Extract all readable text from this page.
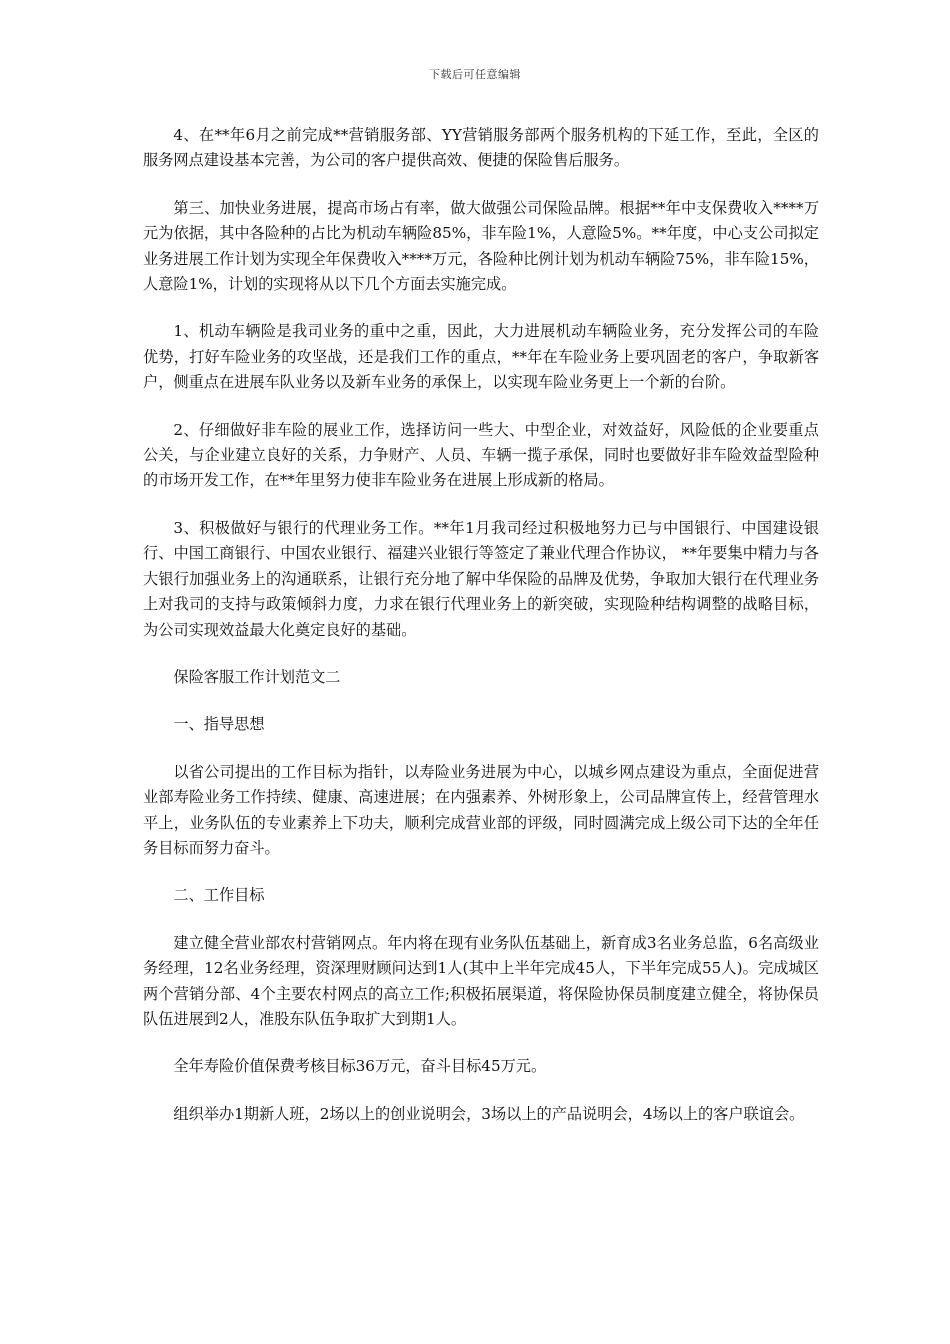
下载后可任意编辑

4、在**年6月之前完成**营销服务部、YY营销服务部两个服务机构的下延工作，至此，全区的服务网点建设基本完善，为公司的客户提供高效、便捷的保险售后服务。

第三、加快业务进展，提高市场占有率，做大做强公司保险品牌。根据**年中支保费收入****万元为依据，其中各险种的占比为机动车辆险85%，非车险1%，人意险5%。**年度，中心支公司拟定业务进展工作计划为实现全年保费收入****万元，各险种比例计划为机动车辆险75%，非车险15%，人意险1%，计划的实现将从以下几个方面去实施完成。

1、机动车辆险是我司业务的重中之重，因此，大力进展机动车辆险业务，充分发挥公司的车险优势，打好车险业务的攻坚战，还是我们工作的重点，**年在车险业务上要巩固老的客户，争取新客户，侧重点在进展车队业务以及新车业务的承保上，以实现车险业务更上一个新的台阶。

2、仔细做好非车险的展业工作，选择访问一些大、中型企业，对效益好，风险低的企业要重点公关，与企业建立良好的关系，力争财产、人员、车辆一揽子承保，同时也要做好非车险效益型险种的市场开发工作，在**年里努力使非车险业务在进展上形成新的格局。

3、积极做好与银行的代理业务工作。**年1月我司经过积极地努力已与中国银行、中国建设银行、中国工商银行、中国农业银行、福建兴业银行等签定了兼业代理合作协议， **年要集中精力与各大银行加强业务上的沟通联系，让银行充分地了解中华保险的品牌及优势，争取加大银行在代理业务上对我司的支持与政策倾斜力度，力求在银行代理业务上的新突破，实现险种结构调整的战略目标，为公司实现效益最大化奠定良好的基础。

保险客服工作计划范文二

一、指导思想

以省公司提出的工作目标为指针，以寿险业务进展为中心，以城乡网点建设为重点，全面促进营业部寿险业务工作持续、健康、高速进展；在内强素养、外树形象上，公司品牌宣传上，经营管理水平上，业务队伍的专业素养上下功夫，顺利完成营业部的评级，同时圆满完成上级公司下达的全年任务目标而努力奋斗。

二、工作目标

建立健全营业部农村营销网点。年内将在现有业务队伍基础上，新育成3名业务总监，6名高级业务经理，12名业务经理，资深理财顾问达到1人(其中上半年完成45人，下半年完成55人)。完成城区两个营销分部、4个主要农村网点的高立工作;积极拓展渠道，将保险协保员制度建立健全，将协保员队伍进展到2人，准股东队伍争取扩大到期1人。

全年寿险价值保费考核目标36万元，奋斗目标45万元。

组织举办1期新人班，2场以上的创业说明会，3场以上的产品说明会，4场以上的客户联谊会。
